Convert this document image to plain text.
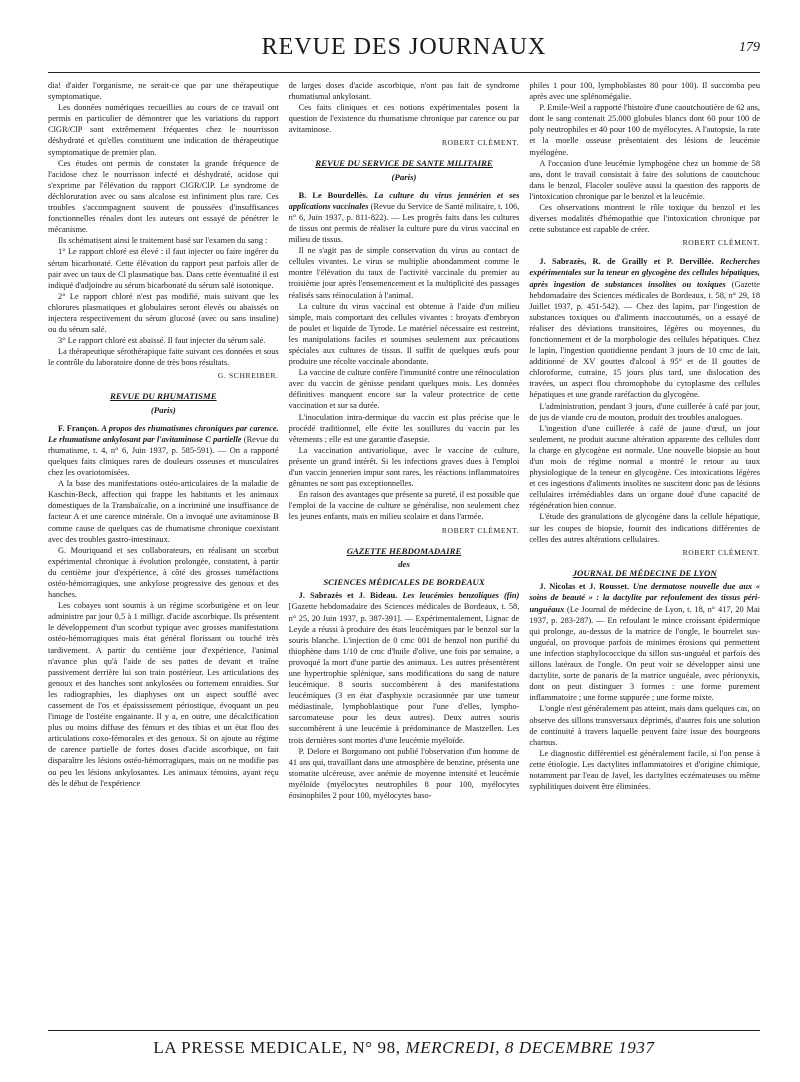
REVUE DES JOURNAUX	179

dia! d'aider l'organisme, ne serait-ce que par une thérapeutique symptomatique.

Les données numériques recueillies au cours de ce travail ont permis en particulier de démontrer que les variations du rapport ClGR/ClP sont extrêmement fréquentes chez le nourrisson déshydraté et qu'elles constituent une indication de thérapeutique symptomatique de premier plan.

Ces études ont permis de constater la grande fréquence de l'acidose chez le nourrisson infecté et déshydraté, acidose qui s'exprime par l'élévation du rapport ClGR/ClP. Le syndrome de déchloruration avec ou sans alcalose est infiniment plus rare. Ces troubles s'accompagnent souvent de poussées d'insuffisances fonctionnelles rénales dont les auteurs ont essayé de pénétrer le mécanisme.

Ils schématisent ainsi le traitement basé sur l'examen du sang :

1° Le rapport chloré est élevé : il faut injecter ou faire ingérer du sérum bicarbonaté. Cette élévation du rapport peut parfois aller de pair avec un taux de Cl plasmatique bas. Dans cette éventualité il est indiqué d'adjoindre au sérum bicarbonaté du sérum salé isotonique.

2° Le rapport chloré n'est pas modifié, mais suivant que les chlorures plasmatiques et globulaires seront élevés ou abaissés on injectera respectivement du sérum glucosé (avec ou sans insuline) ou du sérum salé.

3° Le rapport chloré est abaissé. Il faut injecter du sérum salé.

La thérapeutique sérothérapique faite suivant ces données et sous le contrôle du laboratoire donne de très bons résultats.

G. SCHREIBER.
REVUE DU RHUMATISME
(Paris)

F. Françon. A propos des rhumatismes chroniques par carence. Le rhumatisme ankylosant par l'avitaminose C partielle (Revue du rhumatisme, t. 4, n° 6, Juin 1937, p. 585-591). — On a rapporté quelques faits cliniques rares de douleurs osseuses et musculaires chez les ovariotomisées.

A la base des manifestations ostéo-articulaires de la maladie de Kaschin-Beck, affection qui frappe les habitants et les animaux domestiques de la Transbaïcalie, on a incriminé une insuffisance de facteur A et une carence minérale. On a invoqué une avitaminose B comme cause de quelques cas de rhumatisme chronique coexistant avec des troubles gastro-intestinaux.

G. Mouriquand et ses collaborateurs, en réalisant un scorbut expérimental chronique à évolution prolongée, constatent, à partir du centième jour d'expérience, à côté des grosses tuméfactions ostéo-hémorragiques, une ankylose progressive des genoux et des hanches.

Les cobayes sont soumis à un régime scorbutigène et on leur administre par jour 0,5 à 1 milligr. d'acide ascorbique. Ils présentent le développement d'un scorbut typique avec grosses manifestations ostéo-hémorragiques mais état général florissant ou touché très tardivement. A partir du centième jour d'expérience, l'animal n'avance plus qu'à l'aide de ses pattes de devant et traîne passivement derrière lui son train postérieur. Les articulations des genoux et des hanches sont ankylosées ou fortement enraidies. Sur les radiographies, les diaphyses ont un aspect soufflé avec cassement de l'os et épaississement périostique, évoquant un peu l'image de l'ostéite engainante. Il y a, en outre, une décalcification plus ou moins diffuse des fémurs et des tibias et un état flou des articulations coxo-fémorales et des genoux. Si on ajoute au régime de carence partielle de fortes doses d'acide ascorbique, on fait disparaître les lésions ostéo-hémorragiques, mais on ne modifie pas ou peu les lésions ankylosantes. Les animaux témoins, ayant reçu dès le début de l'expérience

de larges doses d'acide ascorbique, n'ont pas fait de syndrome rhumatismal ankylosant.

Ces faits cliniques et ces notions expérimentales posent la question de l'existence du rhumatisme chronique par carence ou par avitaminose.

ROBERT CLÉMENT.
REVUE DU SERVICE DE SANTE MILITAIRE
(Paris)

B. Le Bourdellès. La culture du virus jennérien et ses applications vaccinales (Revue du Service de Santé militaire, t. 106, n° 6, Juin 1937, p. 811-822). — Les progrès faits dans les cultures de tissus ont permis de réaliser la culture pure du virus vaccinal en milieu de tissus.

Il ne s'agit pas de simple conservation du virus au contact de cellules vivantes. Le virus se multiplie abondamment comme le montre l'élévation du taux de l'activité vaccinale du premier au troisième jour après l'ensemencement et la multiplicité des passages réalisés sans réinoculation à l'animal.

La culture du virus vaccinal est obtenue à l'aide d'un milieu simple, mais comportant des cellules vivantes : broyats d'embryon de poulet et liquide de Tyrode. Le matériel nécessaire est restreint, les manipulations faciles et soumises seulement aux précautions spéciales aux cultures de tissus. Il suffit de quelques œufs pour produire une récolte vaccinale abondante.

La vaccine de culture confère l'immunité contre une réinoculation avec du vaccin de génisse pendant quelques mois. Les données définitives manquent encore sur la valeur protectrice de cette vaccination et sur sa durée.

L'inoculation intra-dermique du vaccin est plus précise que le procédé traditionnel, elle évite les souillures du vaccin par les vêtements ; elle est une garantie d'asepsie.

La vaccination antivariolique, avec le vaccine de culture, présente un grand intérêt. Si les infections graves dues à l'emploi d'un vaccin jennerien impur sont rares, les réactions inflammatoires gênantes ne sont pas exceptionnelles.

En raison des avantages que présente sa pureté, il est possible que l'emploi de la vaccine de culture se généralise, non seulement chez les jeunes enfants, mais en milieu scolaire et dans l'armée.

ROBERT CLÉMENT.
GAZETTE HEBDOMADAIRE
des
SCIENCES MÉDICALES DE BORDEAUX

J. Sabrazès et J. Bideau. Les leucémies benzoliques (fin) [Gazette hebdomadaire des Sciences médicales de Bordeaux, t. 58, n° 25, 20 Juin 1937, p. 387-391]. — Expérimentalement, Lignac de Leyde a réussi à produire des états leucémiques par le benzol sur la souris blanche. L'injection de 0 cmc 001 de benzol non purifié du thiophène dans 1/10 de cmc d'huile d'olive, une fois par semaine, a provoqué la mort d'une partie des animaux. Les autres présentèrent une hypertrophie splénique, sans modifications du sang de nature leucémique. 8 souris succombèrent à des manifestations leucémiques (3 en état d'asphyxie occasionnée par une tumeur médiastinale, lymphoblastique pour l'une d'elles, lympho-sarcomateuse pour les deux autres). Deux autres souris succombèrent à une leucémie à prédominance de Mastzellen. Les trois dernières sont mortes d'une leucémie myéloïde.

P. Delore et Borgomano ont publié l'observation d'un homme de 41 ans qui, travaillant dans une atmosphère de benzine, présenta une stomatite ulcéreuse, avec anémie de moyenne intensité et leucémie myéloïde (myélocytes neutrophiles 8 pour 100, myélocytes éosinophiles 2 pour 100, myélocytes baso-

philes 1 pour 100, lymphoblastes 80 pour 100). Il succomba peu après avec une splénomégalie.

P. Emile-Weil a rapporté l'histoire d'une caoutchoutière de 62 ans, dont le sang contenait 25.000 globules blancs dont 60 pour 100 de poly neutrophiles et 40 pour 100 de myélocytes. A l'autopsie, la rate et la moelle osseuse présentaient des lésions de leucémie myélogène.

A l'occasion d'une leucémie lymphogène chez un homme de 58 ans, dont le travail consistait à faire des solutions de caoutchouc dans le benzol, Flacoler soulève aussi la question des rapports de l'intoxication chronique par le benzol et la leucémie.

Ces observations montrent le rôle toxique du benzol et les diverses modalités d'hémopathie que l'intoxication chronique par cette substance est capable de créer.

ROBERT CLÉMENT.

J. Sabrazès, R. de Grailly et P. Dervillée. Recherches expérimentales sur la teneur en glycogène des cellules hépatiques, après ingestion de substances insolites ou toxiques (Gazette hebdomadaire des Sciences médicales de Bordeaux, t. 58, n° 29, 18 Juillet 1937, p. 451-542). — Chez des lapins, par l'ingestion de substances toxiques ou d'aliments inaccoutumés, on a essayé de réaliser des déviations transitoires, légères ou moyennes, du fonctionnement et de la morphologie des cellules hépatiques. Chez le lapin, l'ingestion quotidienne pendant 3 jours de 10 cmc de lait, additionné de XV gouttes d'alcool à 95° et de II gouttes de chloroforme, cutraine, 15 jours plus tard, une dislocation des travées, un aspect flou chromophobe du cytoplasme des cellules hépatiques et une grande raréfaction du glycogène.

L'administration, pendant 3 jours, d'une cuillerée à café par jour, de jus de viande cru de mouton, produit des troubles analogues.

L'ingestion d'une cuillerée à café de jaune d'œuf, un jour seulement, ne produit aucune altération apparente des cellules dont la charge en glycogène est normale. Une nouvelle biopsie au bout d'un mois de régime normal a montré le retour au taux physiologique de la teneur en glycogène. Ces intoxications légères et ces ingestions d'aliments insolites ne suscitent donc pas de lésions cellulaires irrémédiables dans un organe doué d'une capacité de régénération bien connue.

L'étude des granulations de glycogène dans la cellule hépatique, sur les coupes de biopsie, fournit des indications différentes de celles des autres altérations cellulaires.

ROBERT CLÉMENT.
JOURNAL DE MÉDECINE DE LYON

J. Nicolas et J. Rousset. Une dermatose nouvelle due aux « soins de beauté » : la dactylite par refoulement des tissus péri-unguéaux (Le Journal de médecine de Lyon, t. 18, n° 417, 20 Mai 1937, p. 283-287). — En refoulant le mince croissant épidermique qui prolonge, au-dessus de la matrice de l'ongle, le bourrelet sus-unguéal, on provoque parfois de minimes érosions qui permettent une infection staphylococcique du sillon sus-unguéal et parfois des sillons latéraux de l'ongle. On peut voir se développer ainsi une dactylite, sorte de panaris de la matrice unguéale, avec périonyxis, dont on peut distinguer 3 formes : une forme purement inflammatoire ; une forme suppurée ; une forme mixte.

L'ongle n'est généralement pas atteint, mais dans quelques cas, on observe des sillons transversaux déprimés, d'autres fois une solution de continuité à travers laquelle peuvent faire issue des bourgeons charnus.

Le diagnostic différentiel est généralement facile, si l'on pense à cette étiologie. Les dactylites inflammatoires et d'origine chimique, notamment par l'eau de Javel, les dactylites eczémateuses ou même syphilitiques doivent être éliminées.

LA PRESSE MEDICALE, N° 98, MERCREDI, 8 DECEMBRE 1937
